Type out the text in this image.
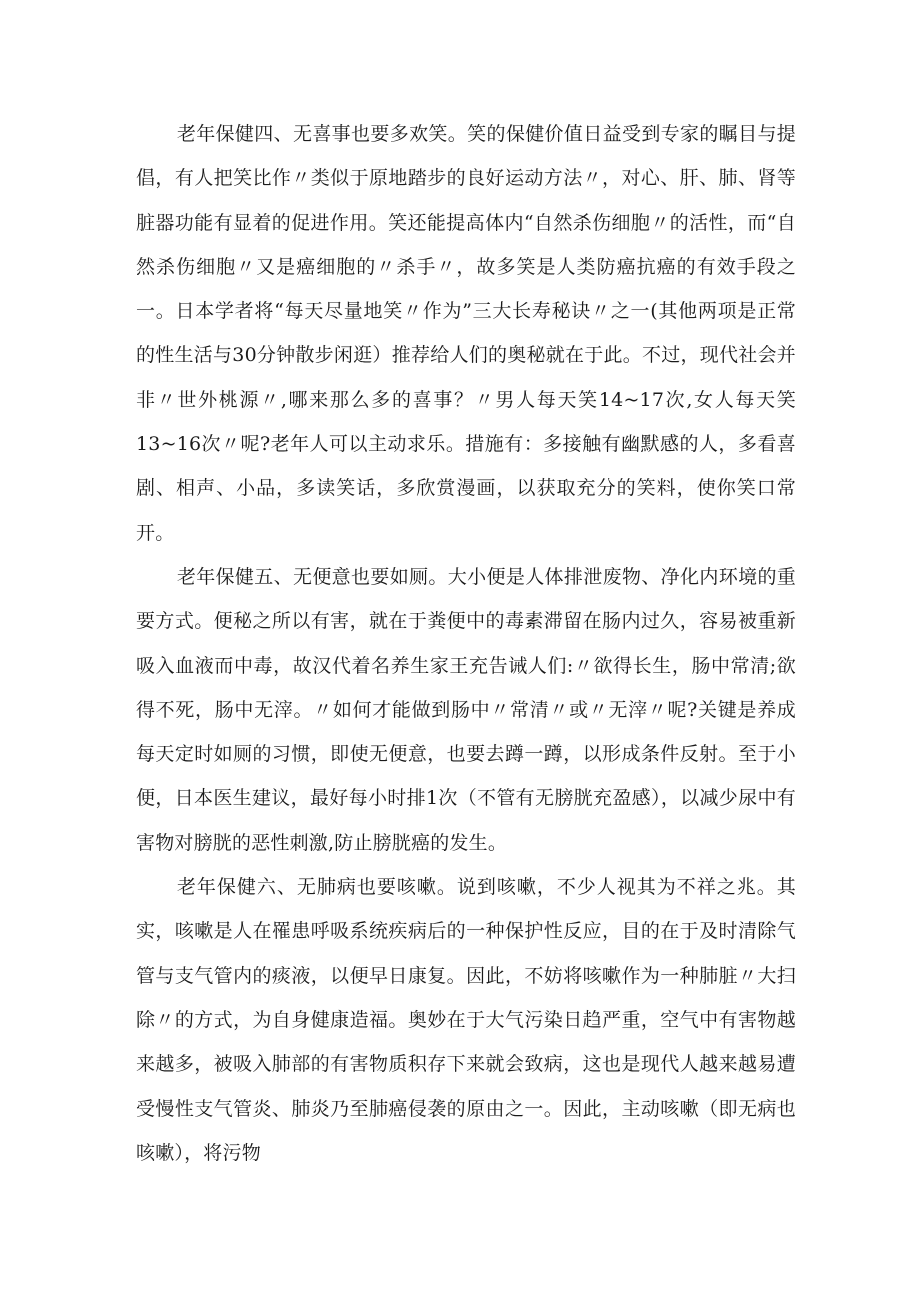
老年保健四、无喜事也要多欢笑。笑的保健价值日益受到专家的瞩目与提倡，有人把笑比作〃类似于原地踏步的良好运动方法〃，对心、肝、肺、肾等脏器功能有显着的促进作用。笑还能提高体内“自然杀伤细胞〃的活性，而“自然杀伤细胞〃又是癌细胞的〃杀手〃，故多笑是人类防癌抗癌的有效手段之一。日本学者将“每天尽量地笑〃作为”三大长寿秘诀〃之一(其他两项是正常的性生活与30分钟散步闲逛）推荐给人们的奥秘就在于此。不过，现代社会并非〃世外桃源〃,哪来那么多的喜事？〃男人每天笑14~17次,女人每天笑13~16次〃呢?老年人可以主动求乐。措施有：多接触有幽默感的人，多看喜剧、相声、小品，多读笑话，多欣赏漫画，以获取充分的笑料，使你笑口常开。

老年保健五、无便意也要如厕。大小便是人体排泄废物、净化内环境的重要方式。便秘之所以有害，就在于粪便中的毒素滞留在肠内过久，容易被重新吸入血液而中毒，故汉代着名养生家王充告诫人们:〃欲得长生，肠中常清;欲得不死，肠中无滓。〃如何才能做到肠中〃常清〃或〃无滓〃呢?关键是养成每天定时如厕的习惯，即使无便意，也要去蹲一蹲，以形成条件反射。至于小便，日本医生建议，最好每小时排1次（不管有无膀胱充盈感），以减少尿中有害物对膀胱的恶性刺激,防止膀胱癌的发生。

老年保健六、无肺病也要咳嗽。说到咳嗽，不少人视其为不祥之兆。其实，咳嗽是人在罹患呼吸系统疾病后的一种保护性反应，目的在于及时清除气管与支气管内的痰液，以便早日康复。因此，不妨将咳嗽作为一种肺脏〃大扫除〃的方式，为自身健康造福。奥妙在于大气污染日趋严重，空气中有害物越来越多，被吸入肺部的有害物质积存下来就会致病，这也是现代人越来越易遭受慢性支气管炎、肺炎乃至肺癌侵袭的原由之一。因此，主动咳嗽（即无病也咳嗽），将污物
